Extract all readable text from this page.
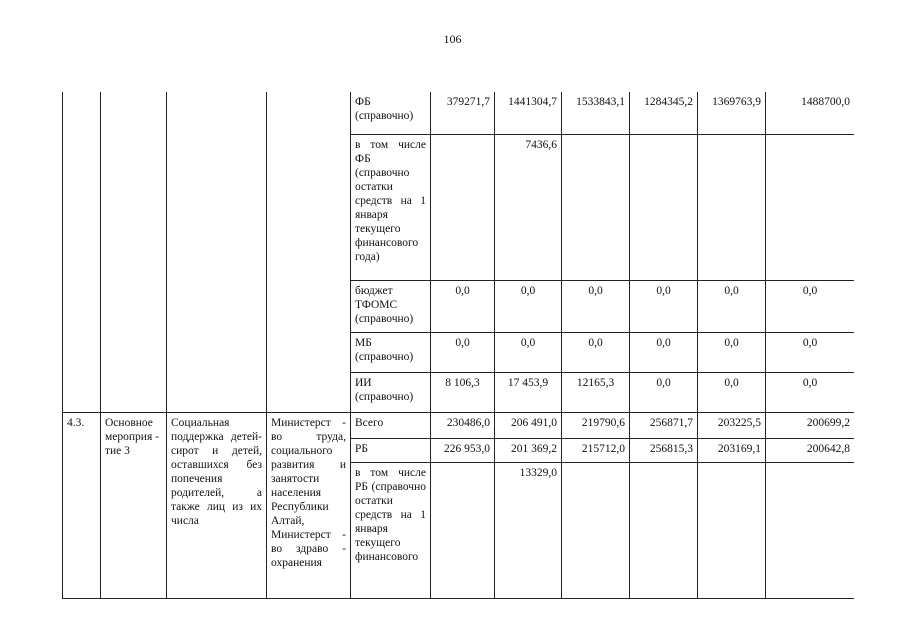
106
				ФБ (справочно)	379271,7	1441304,7	1533843,1	1284345,2	1369763,9	1488700,0
				в том числе ФБ (справочно остатки средств на 1 января текущего финансового года)		7436,6				
				бюджет ТФОМС (справочно)	0,0	0,0	0,0	0,0	0,0	0,0
				МБ (справочно)	0,0	0,0	0,0	0,0	0,0	0,0
				ИИ (справочно)	8 106,3	17 453,9	12165,3	0,0	0,0	0,0
4.3.	Основное мероприя - тие 3	Социальная поддержка детей-сирот и детей, оставшихся без попечения родителей, а также лиц из их числа	Министерст - во труда, социального развития и занятости населения Республики Алтай, Министерст - во здраво - охранения	Всего	230486,0	206 491,0	219790,6	256871,7	203225,5	200699,2
				РБ	226 953,0	201 369,2	215712,0	256815,3	203169,1	200642,8
				в том числе РБ (справочно остатки средств на 1 января текущего финансового		13329,0				
